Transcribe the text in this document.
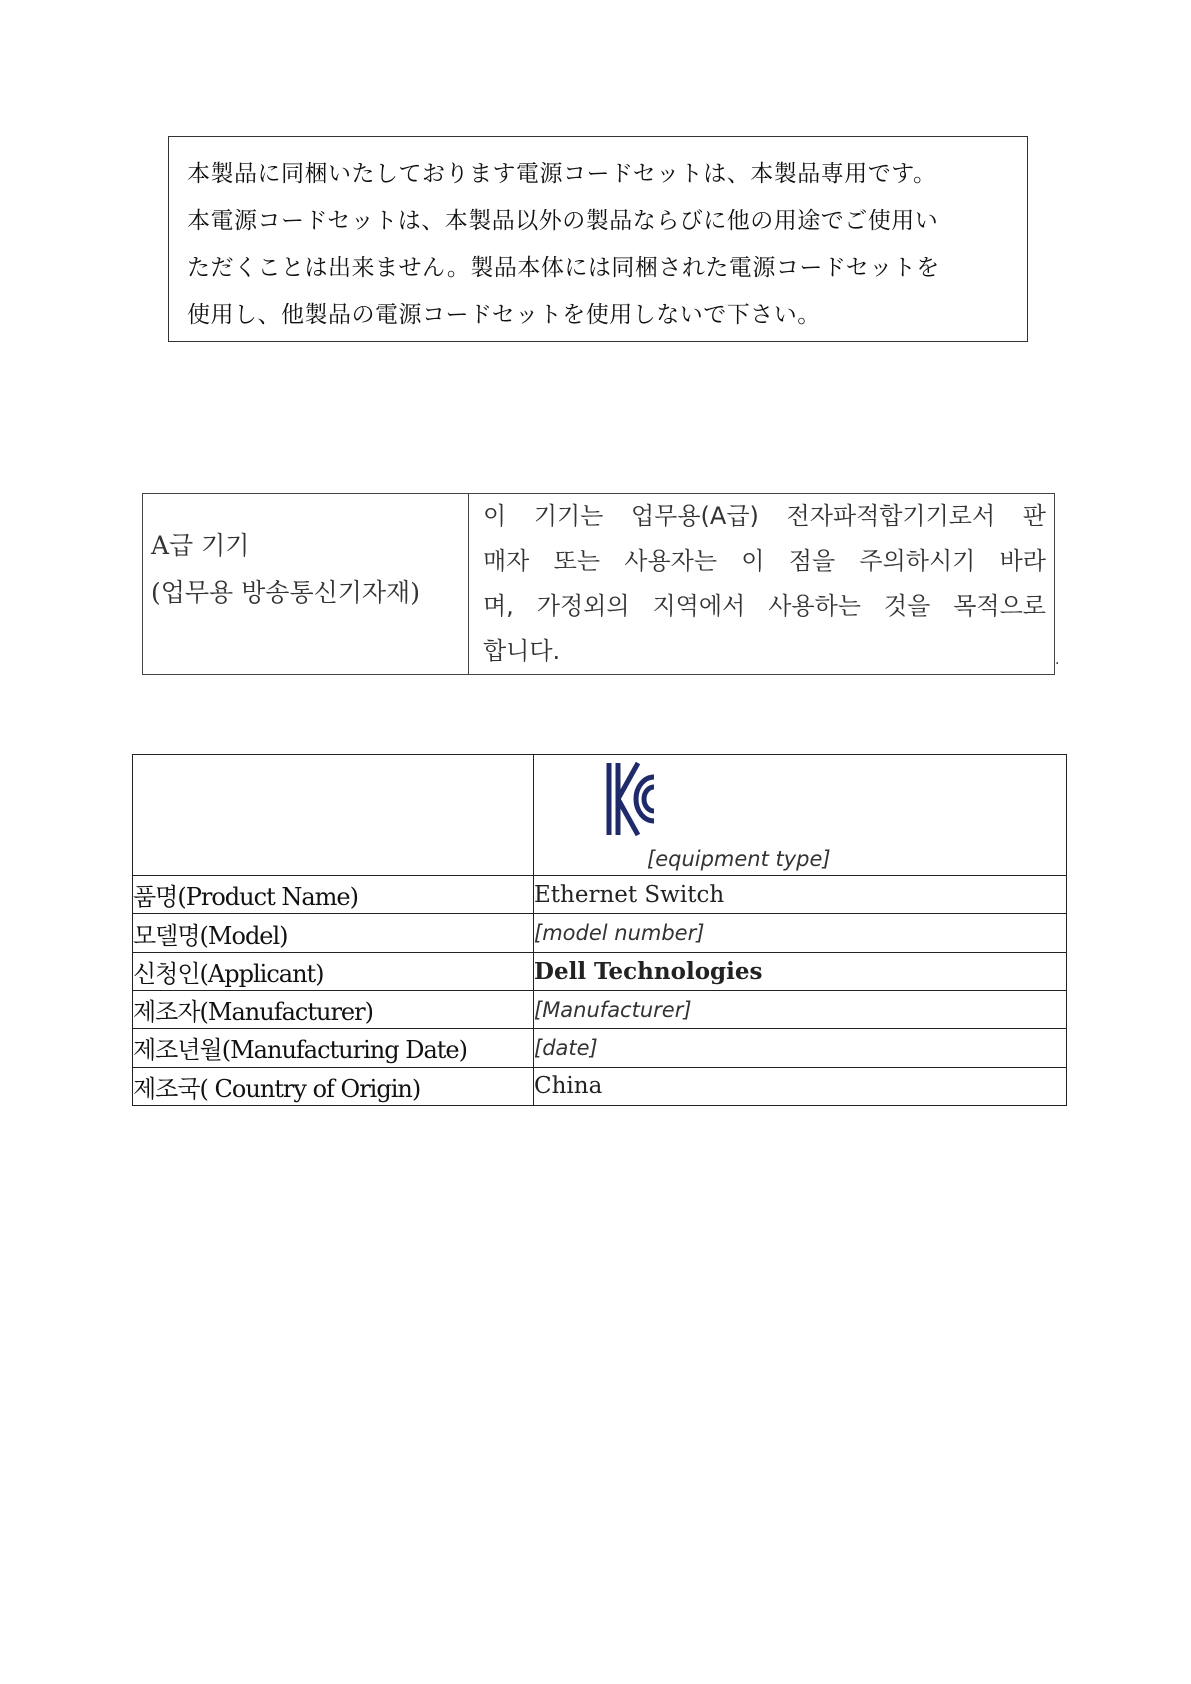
本製品に同梱いたしております電源コードセットは、本製品専用です。
本電源コードセットは、本製品以外の製品ならびに他の用途でご使用い
ただくことは出来ません。製品本体には同梱された電源コードセットを
使用し、他製品の電源コードセットを使用しないで下さい。
A급 기기
(업무용 방송통신기자재)

이 기기는 업무용(A급) 전자파적합기기로서 판
매자 또는 사용자는 이 점을 주의하시기 바라
며, 가정외의 지역에서 사용하는 것을 목적으로
합니다.	.

	[equipment type]

품명(Product Name)	Ethernet Switch
모델명(Model)	[model number]
신청인(Applicant)	Dell Technologies
제조자(Manufacturer)	[Manufacturer]
제조년월(Manufacturing Date)	[date]
제조국( Country of Origin)	China
